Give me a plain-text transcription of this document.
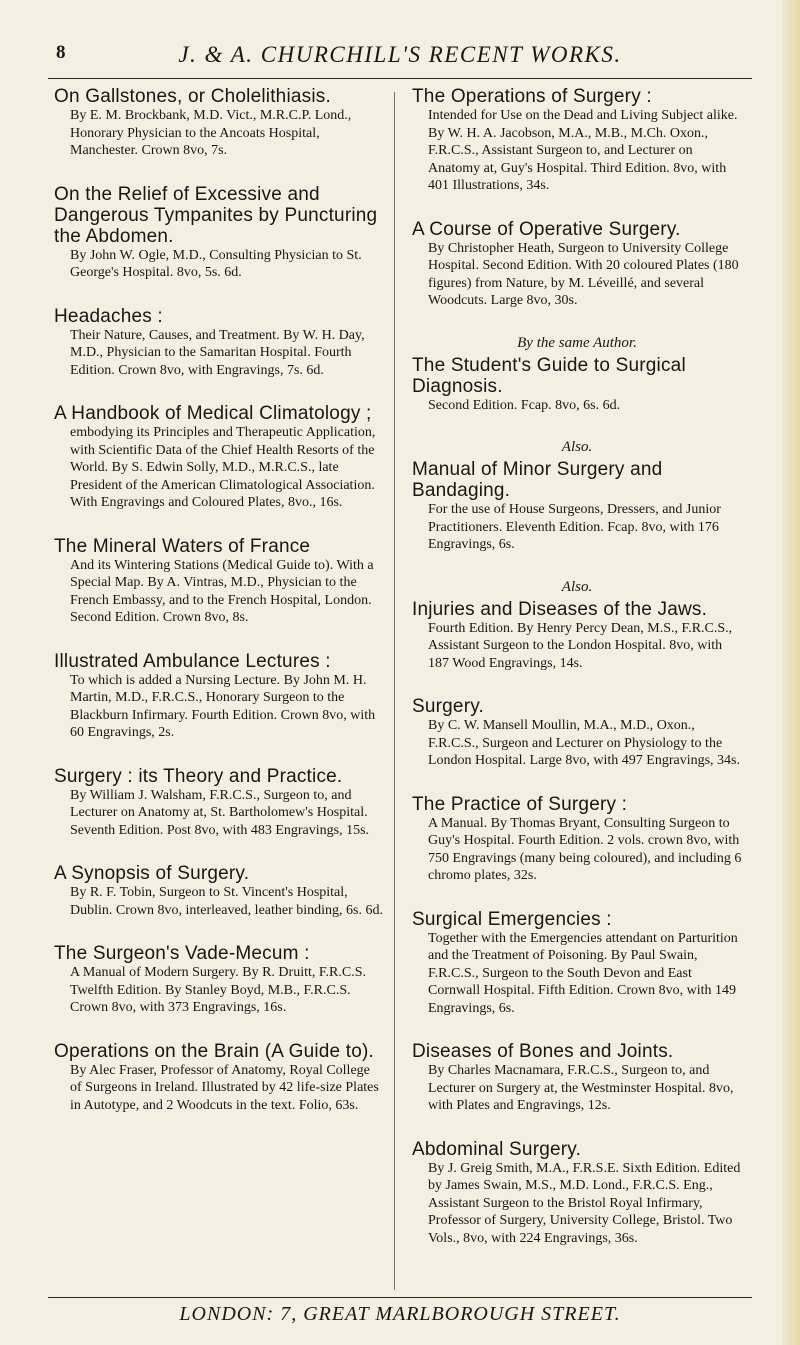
8	J. & A. CHURCHILL'S RECENT WORKS.

On Gallstones, or Cholelithiasis.

By E. M. Brockbank, M.D. Vict., M.R.C.P. Lond., Honorary Physician to the Ancoats Hospital, Manchester. Crown 8vo, 7s.

On the Relief of Excessive and Dangerous Tympanites by Puncturing the Abdomen.

By John W. Ogle, M.D., Consulting Physician to St. George's Hospital. 8vo, 5s. 6d.

Headaches :

Their Nature, Causes, and Treatment. By W. H. Day, M.D., Physician to the Samaritan Hospital. Fourth Edition. Crown 8vo, with Engravings, 7s. 6d.

A Handbook of Medical Climatology ;

embodying its Principles and Therapeutic Application, with Scientific Data of the Chief Health Resorts of the World. By S. Edwin Solly, M.D., M.R.C.S., late President of the American Climatological Association. With Engravings and Coloured Plates, 8vo., 16s.

The Mineral Waters of France

And its Wintering Stations (Medical Guide to). With a Special Map. By A. Vintras, M.D., Physician to the French Embassy, and to the French Hospital, London. Second Edition. Crown 8vo, 8s.

Illustrated Ambulance Lectures :

To which is added a Nursing Lecture. By John M. H. Martin, M.D., F.R.C.S., Honorary Surgeon to the Blackburn Infirmary. Fourth Edition. Crown 8vo, with 60 Engravings, 2s.

Surgery : its Theory and Practice.

By William J. Walsham, F.R.C.S., Surgeon to, and Lecturer on Anatomy at, St. Bartholomew's Hospital. Seventh Edition. Post 8vo, with 483 Engravings, 15s.

A Synopsis of Surgery.

By R. F. Tobin, Surgeon to St. Vincent's Hospital, Dublin. Crown 8vo, interleaved, leather binding, 6s. 6d.

The Surgeon's Vade-Mecum :

A Manual of Modern Surgery. By R. Druitt, F.R.C.S. Twelfth Edition. By Stanley Boyd, M.B., F.R.C.S. Crown 8vo, with 373 Engravings, 16s.

Operations on the Brain (A Guide to).

By Alec Fraser, Professor of Anatomy, Royal College of Surgeons in Ireland. Illustrated by 42 life-size Plates in Autotype, and 2 Woodcuts in the text. Folio, 63s.

The Operations of Surgery :

Intended for Use on the Dead and Living Subject alike. By W. H. A. Jacobson, M.A., M.B., M.Ch. Oxon., F.R.C.S., Assistant Surgeon to, and Lecturer on Anatomy at, Guy's Hospital. Third Edition. 8vo, with 401 Illustrations, 34s.

A Course of Operative Surgery.

By Christopher Heath, Surgeon to University College Hospital. Second Edition. With 20 coloured Plates (180 figures) from Nature, by M. Léveillé, and several Woodcuts. Large 8vo, 30s.

By the same Author.

The Student's Guide to Surgical Diagnosis.

Second Edition. Fcap. 8vo, 6s. 6d.

Also.

Manual of Minor Surgery and Bandaging.

For the use of House Surgeons, Dressers, and Junior Practitioners. Eleventh Edition. Fcap. 8vo, with 176 Engravings, 6s.

Also.

Injuries and Diseases of the Jaws.

Fourth Edition. By Henry Percy Dean, M.S., F.R.C.S., Assistant Surgeon to the London Hospital. 8vo, with 187 Wood Engravings, 14s.

Surgery.

By C. W. Mansell Moullin, M.A., M.D., Oxon., F.R.C.S., Surgeon and Lecturer on Physiology to the London Hospital. Large 8vo, with 497 Engravings, 34s.

The Practice of Surgery :

A Manual. By Thomas Bryant, Consulting Surgeon to Guy's Hospital. Fourth Edition. 2 vols. crown 8vo, with 750 Engravings (many being coloured), and including 6 chromo plates, 32s.

Surgical Emergencies :

Together with the Emergencies attendant on Parturition and the Treatment of Poisoning. By Paul Swain, F.R.C.S., Surgeon to the South Devon and East Cornwall Hospital. Fifth Edition. Crown 8vo, with 149 Engravings, 6s.

Diseases of Bones and Joints.

By Charles Macnamara, F.R.C.S., Surgeon to, and Lecturer on Surgery at, the Westminster Hospital. 8vo, with Plates and Engravings, 12s.

Abdominal Surgery.

By J. Greig Smith, M.A., F.R.S.E. Sixth Edition. Edited by James Swain, M.S., M.D. Lond., F.R.C.S. Eng., Assistant Surgeon to the Bristol Royal Infirmary, Professor of Surgery, University College, Bristol. Two Vols., 8vo, with 224 Engravings, 36s.

LONDON: 7, GREAT MARLBOROUGH STREET.
